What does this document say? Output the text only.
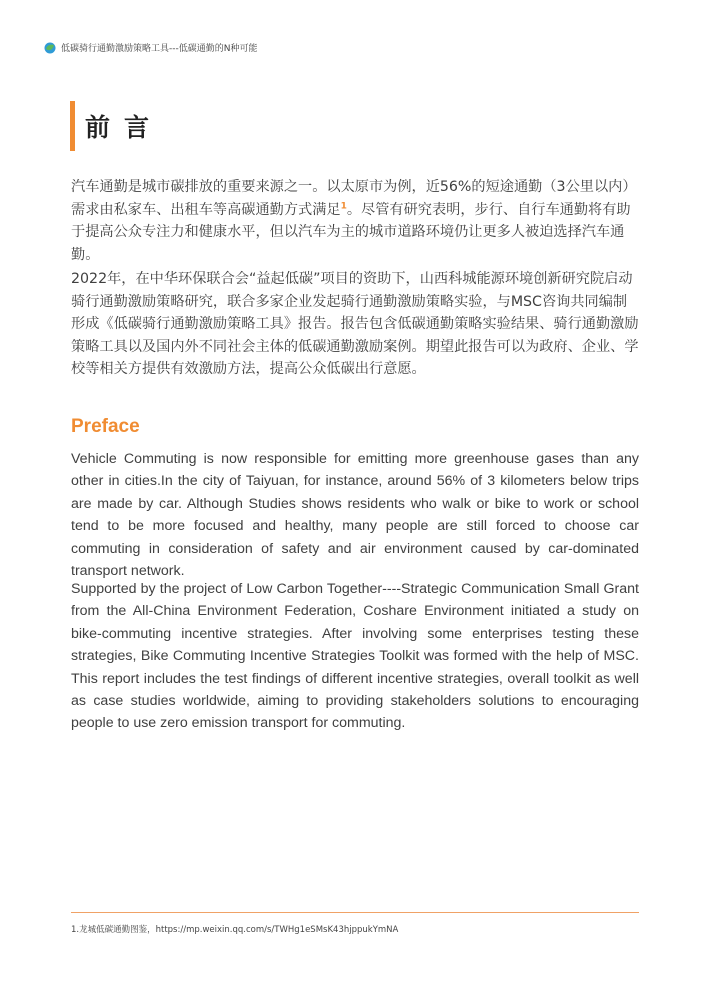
低碳骑行通勤激励策略工具---低碳通勤的N种可能
前言

汽车通勤是城市碳排放的重要来源之一。以太原市为例，近56%的短途通勤（3公里以内）需求由私家车、出租车等高碳通勤方式满足$^1$。尽管有研究表明，步行、自行车通勤将有助于提高公众专注力和健康水平，但以汽车为主的城市道路环境仍让更多人被迫选择汽车通勤。

2022年，在中华环保联合会“益起低碳”项目的资助下，山西科城能源环境创新研究院启动骑行通勤激励策略研究，联合多家企业发起骑行通勤激励策略实验，与MSC咨询共同编制形成《低碳骑行通勤激励策略工具》报告。报告包含低碳通勤策略实验结果、骑行通勤激励策略工具以及国内外不同社会主体的低碳通勤激励案例。期望此报告可以为政府、企业、学校等相关方提供有效激励方法，提高公众低碳出行意愿。

Preface

Vehicle Commuting is now responsible for emitting more greenhouse gases than any other in cities.In the city of Taiyuan, for instance, around 56% of 3 kilometers below trips are made by car. Although Studies shows residents who walk or bike to work or school tend to be more focused and healthy, many people are still forced to choose car commuting in consideration of safety and air environment caused by car-dominated transport network.

Supported by the project of Low Carbon Together----Strategic Communication Small Grant from the All-China Environment Federation, Coshare Environment initiated a study on bike-commuting incentive strategies. After involving some enterprises testing these strategies, Bike Commuting Incentive Strategies Toolkit was formed with the help of MSC. This report includes the test findings of different incentive strategies, overall toolkit as well as case studies worldwide, aiming to providing stakeholders solutions to encouraging people to use zero emission transport for commuting.

1.龙城低碳通勤图鉴，https://mp.weixin.qq.com/s/TWHg1eSMsK43hjppukYmNA
